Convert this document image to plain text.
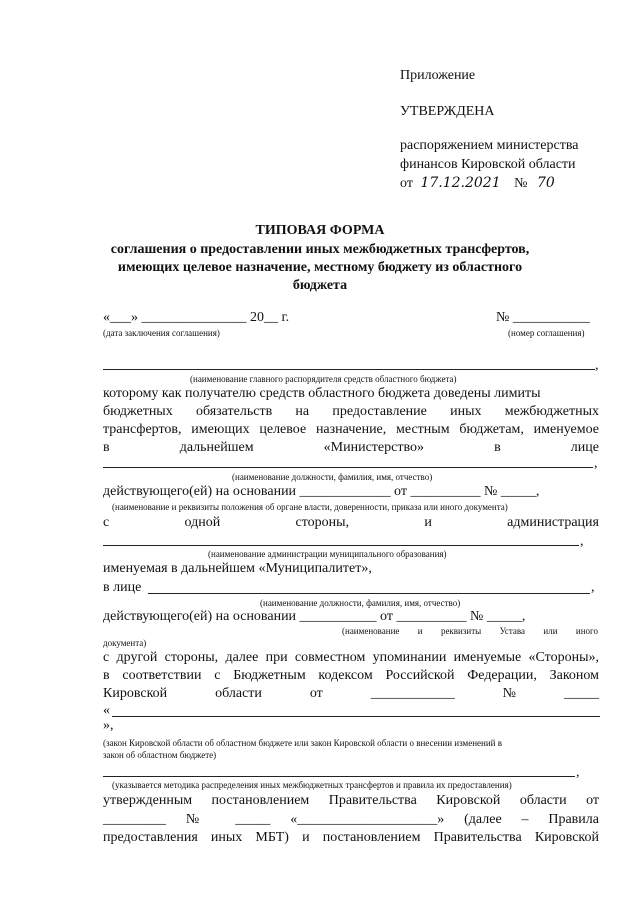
Приложение
УТВЕРЖДЕНА
распоряжением министерства
финансов Кировской области
от 17.12.2021 № 70
ТИПОВАЯ ФОРМА
соглашения о предоставлении иных межбюджетных трансфертов,
имеющих целевое назначение, местному бюджету из областного
бюджета
«___» _______________ 20__ г.	№ ___________
(дата заключения соглашения)	(номер соглашения)
,
(наименование главного распорядителя средств областного бюджета)
которому как получателю средств областного бюджета доведены лимиты
бюджетных обязательств на предоставление иных межбюджетных
трансфертов, имеющих целевое назначение, местным бюджетам, именуемое
в	дальнейшем	«Министерство»	в	лице
,
(наименование должности, фамилия, имя, отчество)
действующего(ей) на основании _____________ от __________ № _____,
(наименование и реквизиты положения об органе власти, доверенности, приказа или иного документа)
с	одной	стороны,	и	администрация
,
(наименование администрации муниципального образования)
именуемая в дальнейшем «Муниципалитет»,
в лице	,
(наименование должности, фамилия, имя, отчество)
действующего(ей) на основании ___________ от __________ № _____,
(наименование и реквизиты Устава или иного
документа)
с другой стороны, далее при совместном упоминании именуемые «Стороны»,
в соответствии с Бюджетным кодексом Российской Федерации, Законом
Кировской	области	от	____________	№	_____
«
»,
(закон Кировской области об областном бюджете или закон Кировской области о внесении изменений в
закон об областном бюджете)
,
(указывается методика распределения иных межбюджетных трансфертов и правила их предоставления)
утвержденным постановлением Правительства Кировской области от
_________ № _____ «____________________» (далее – Правила
предоставления иных МБТ) и постановлением Правительства Кировской
